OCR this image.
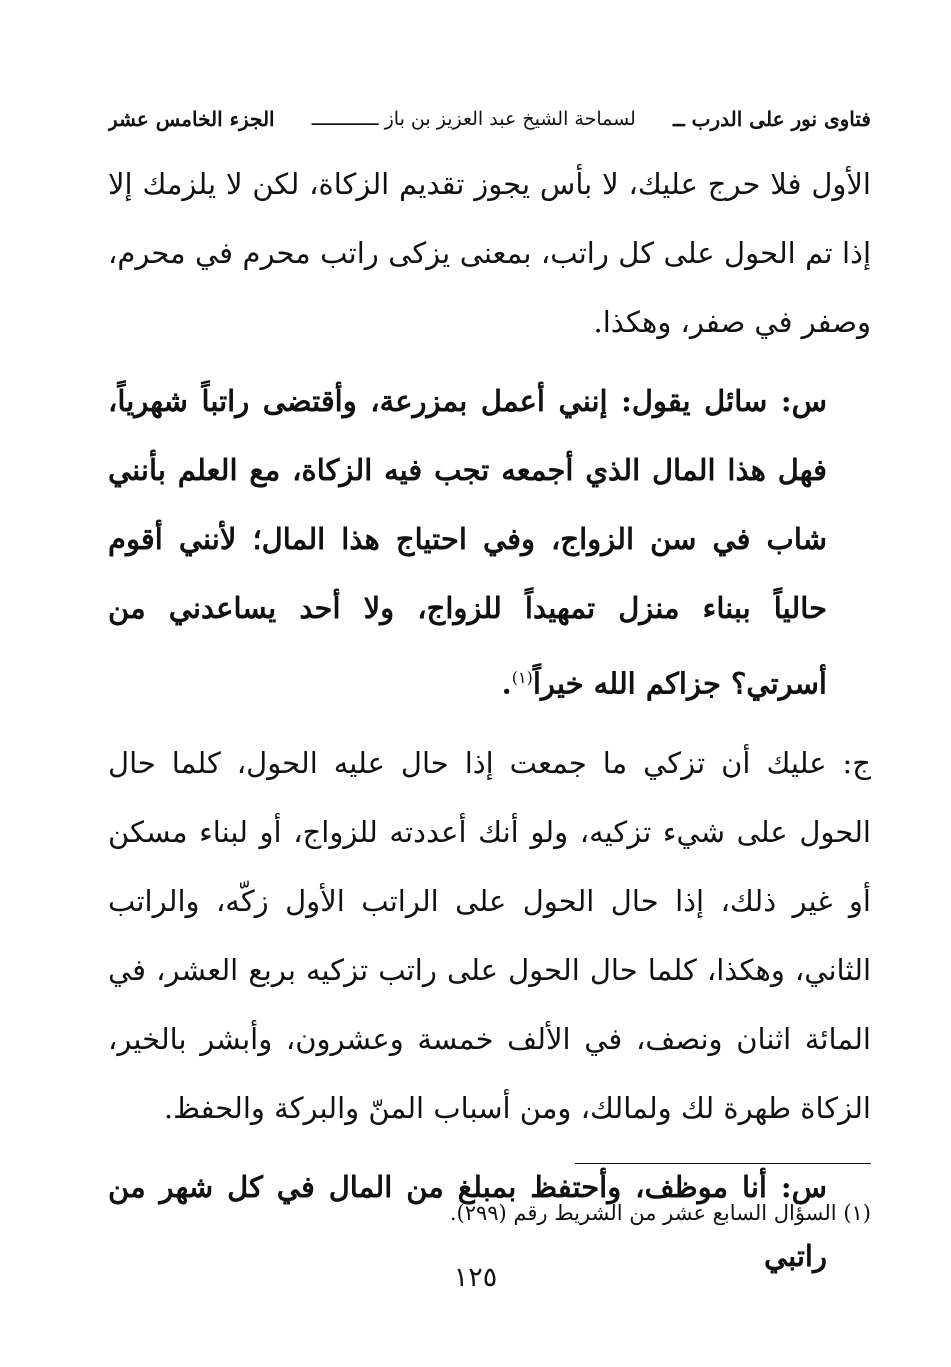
فتاوى نور على الدرب ــ
لسماحة الشيخ عبد العزيز بن باز ــــــــــــ
الجزء الخامس عشر

الأول فلا حرج عليك، لا بأس يجوز تقديم الزكاة، لكن لا يلزمك إلا إذا تم الحول على كل راتب، بمعنى يزكى راتب محرم في محرم، وصفر في صفر، وهكذا.

س: سائل يقول: إنني أعمل بمزرعة، وأقتضى راتباً شهرياً، فهل هذا المال الذي أجمعه تجب فيه الزكاة، مع العلم بأنني شاب في سن الزواج، وفي احتياج هذا المال؛ لأنني أقوم حالياً ببناء منزل تمهيداً للزواج، ولا أحد يساعدني من أسرتي؟ جزاكم الله خيراً$^{(١)}$.

ج: عليك أن تزكي ما جمعت إذا حال عليه الحول، كلما حال الحول على شيء تزكيه، ولو أنك أعددته للزواج، أو لبناء مسكن أو غير ذلك، إذا حال الحول على الراتب الأول زكّه، والراتب الثاني، وهكذا، كلما حال الحول على راتب تزكيه بربع العشر، في المائة اثنان ونصف، في الألف خمسة وعشرون، وأبشر بالخير، الزكاة طهرة لك ولمالك، ومن أسباب المنّ والبركة والحفظ.

س: أنا موظف، وأحتفظ بمبلغ من المال في كل شهر من راتبي

(١) السؤال السابع عشر من الشريط رقم (٢٩٩).
١٢٥
